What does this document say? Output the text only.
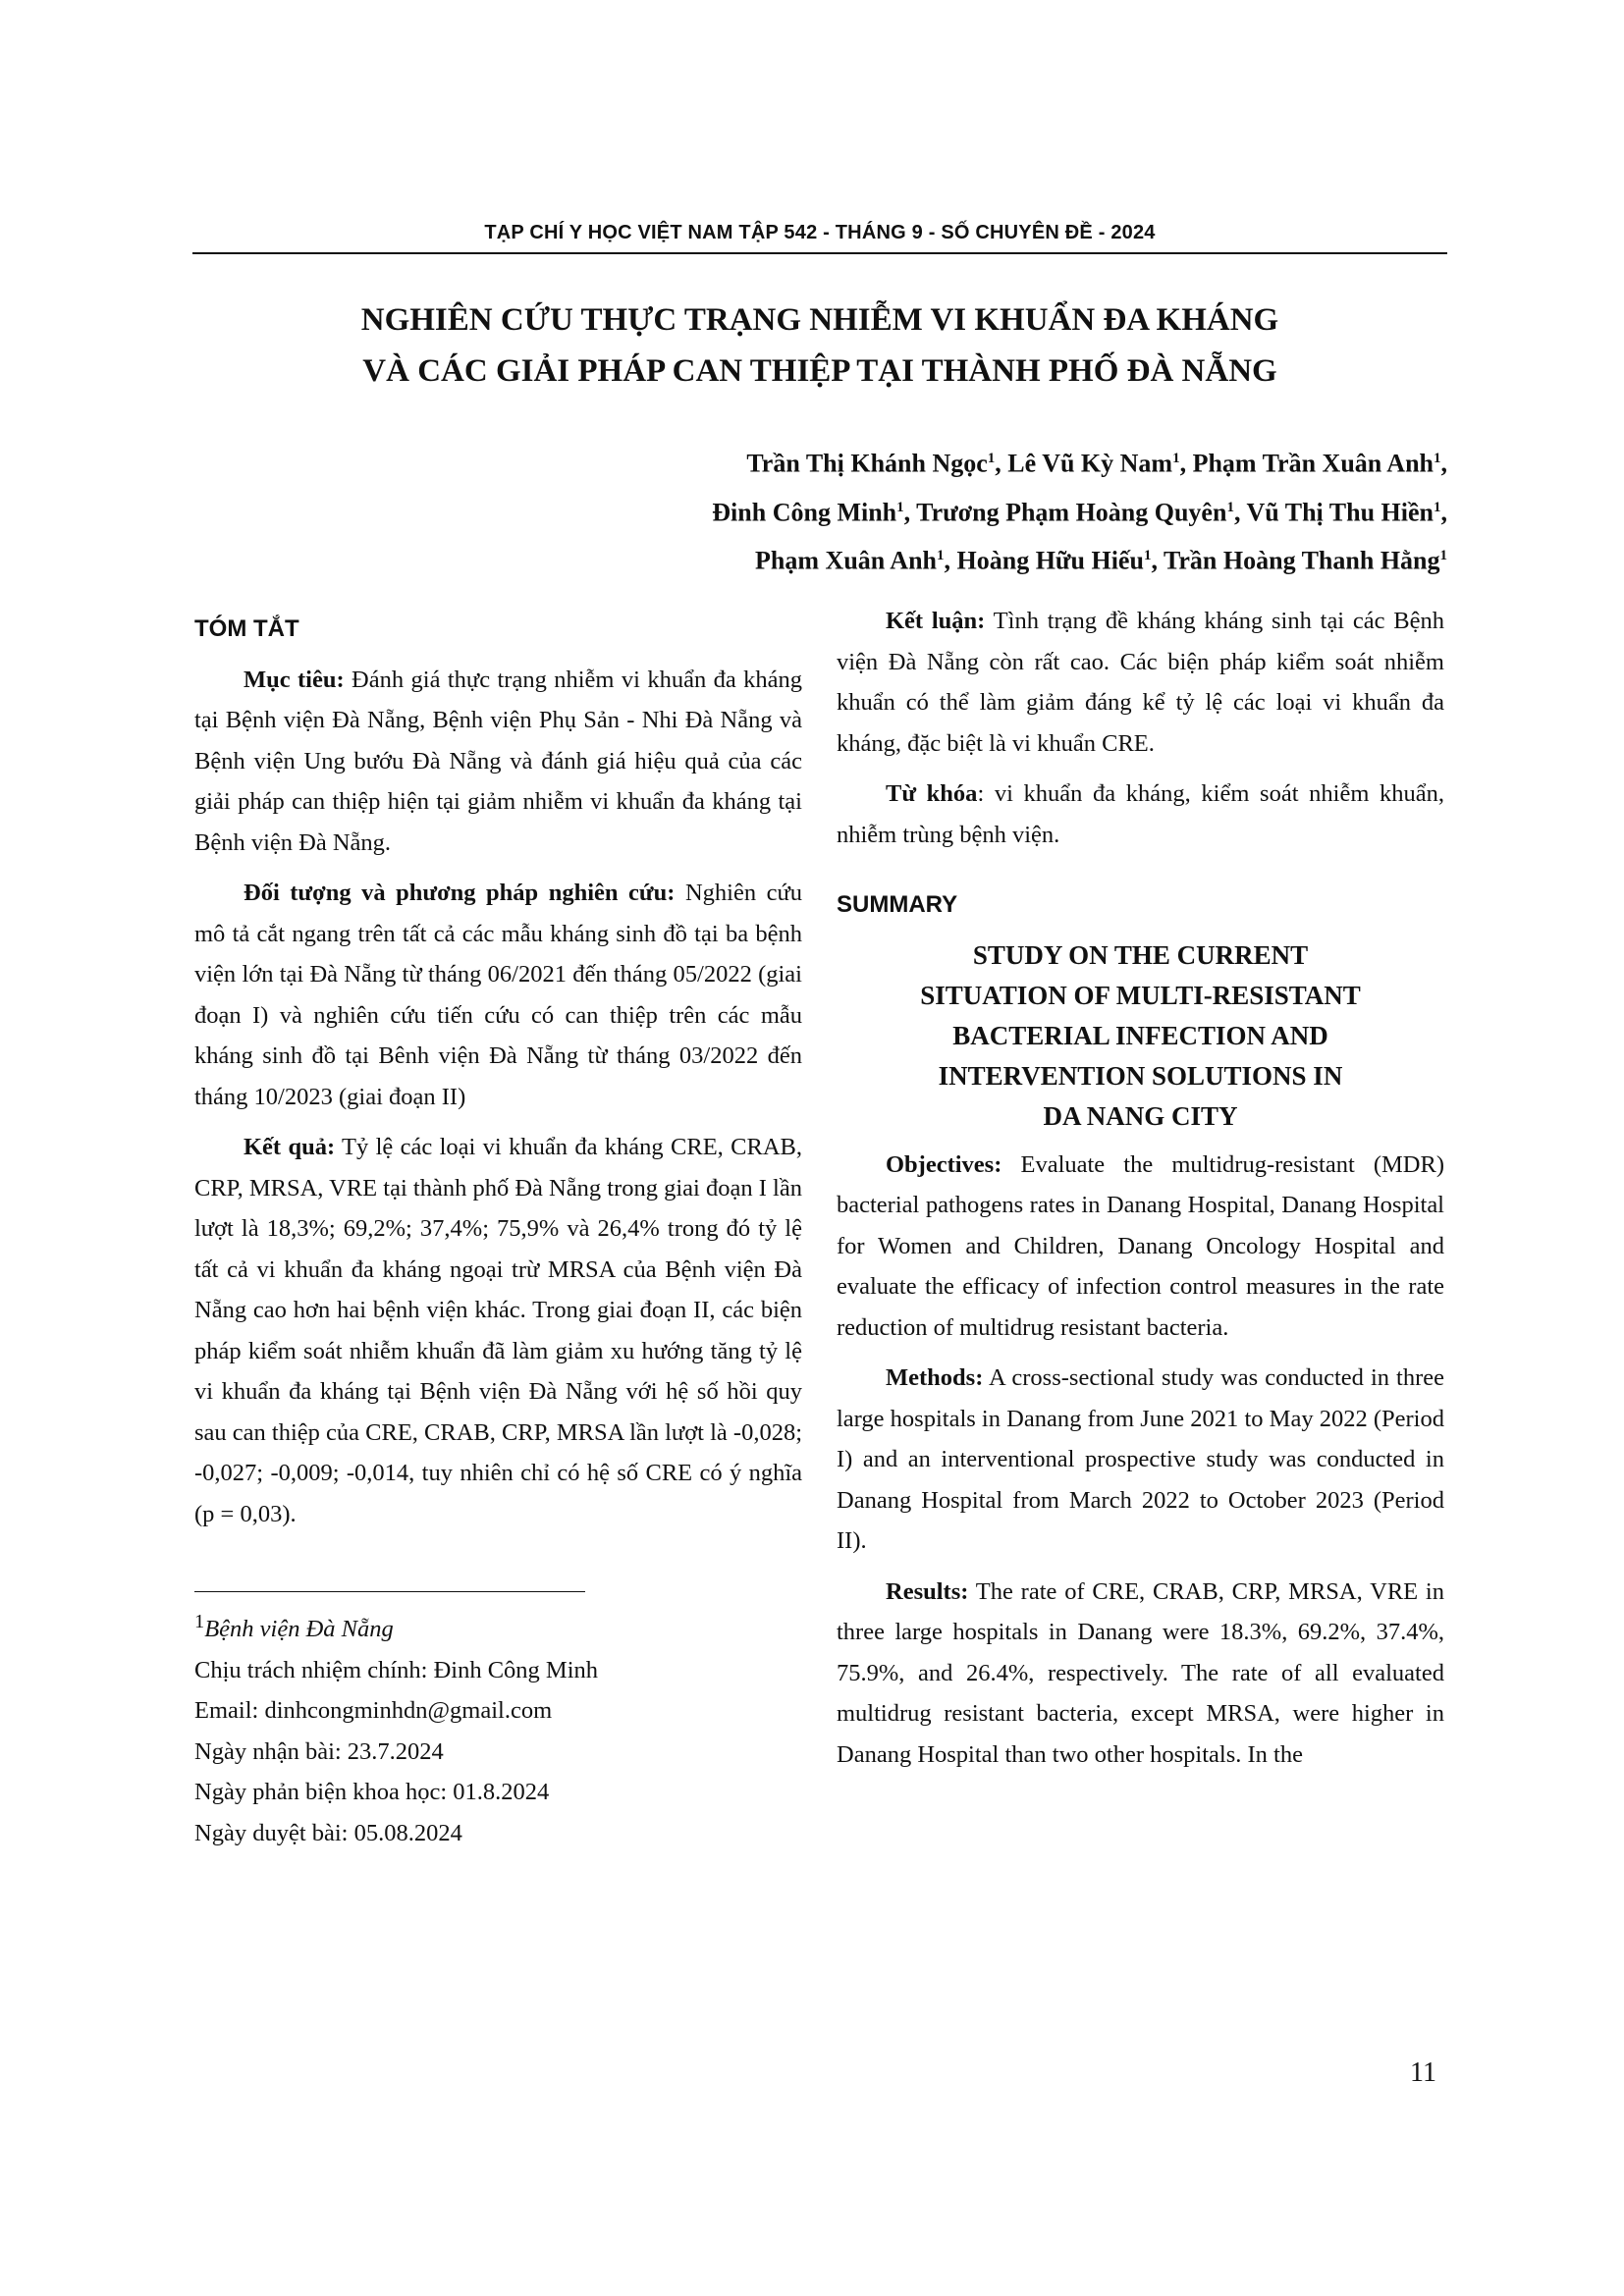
TẠP CHÍ Y HỌC VIỆT NAM TẬP 542 - THÁNG 9 - SỐ CHUYÊN ĐỀ - 2024
NGHIÊN CỨU THỰC TRẠNG NHIỄM VI KHUẨN ĐA KHÁNG
VÀ CÁC GIẢI PHÁP CAN THIỆP TẠI THÀNH PHỐ ĐÀ NẴNG
Trần Thị Khánh Ngọc$^1$, Lê Vũ Kỳ Nam$^1$, Phạm Trần Xuân Anh$^1$,
Đinh Công Minh$^1$, Trương Phạm Hoàng Quyên$^1$, Vũ Thị Thu Hiền$^1$,
Phạm Xuân Anh$^1$, Hoàng Hữu Hiếu$^1$, Trần Hoàng Thanh Hằng$^1$
TÓM TẮT

Mục tiêu: Đánh giá thực trạng nhiễm vi khuẩn đa kháng tại Bệnh viện Đà Nẵng, Bệnh viện Phụ Sản - Nhi Đà Nẵng và Bệnh viện Ung bướu Đà Nẵng và đánh giá hiệu quả của các giải pháp can thiệp hiện tại giảm nhiễm vi khuẩn đa kháng tại Bệnh viện Đà Nẵng.

Đối tượng và phương pháp nghiên cứu: Nghiên cứu mô tả cắt ngang trên tất cả các mẫu kháng sinh đồ tại ba bệnh viện lớn tại Đà Nẵng từ tháng 06/2021 đến tháng 05/2022 (giai đoạn I) và nghiên cứu tiến cứu có can thiệp trên các mẫu kháng sinh đồ tại Bênh viện Đà Nẵng từ tháng 03/2022 đến tháng 10/2023 (giai đoạn II)

Kết quả: Tỷ lệ các loại vi khuẩn đa kháng CRE, CRAB, CRP, MRSA, VRE tại thành phố Đà Nẵng trong giai đoạn I lần lượt là 18,3%; 69,2%; 37,4%; 75,9% và 26,4% trong đó tỷ lệ tất cả vi khuẩn đa kháng ngoại trừ MRSA của Bệnh viện Đà Nẵng cao hơn hai bệnh viện khác. Trong giai đoạn II, các biện pháp kiểm soát nhiễm khuẩn đã làm giảm xu hướng tăng tỷ lệ vi khuẩn đa kháng tại Bệnh viện Đà Nẵng với hệ số hồi quy sau can thiệp của CRE, CRAB, CRP, MRSA lần lượt là -0,028; -0,027; -0,009; -0,014, tuy nhiên chỉ có hệ số CRE có ý nghĩa (p = 0,03).

$^1$Bệnh viện Đà Nẵng

Chịu trách nhiệm chính: Đinh Công Minh

Email: dinhcongminhdn@gmail.com

Ngày nhận bài: 23.7.2024

Ngày phản biện khoa học: 01.8.2024

Ngày duyệt bài: 05.08.2024

Kết luận: Tình trạng đề kháng kháng sinh tại các Bệnh viện Đà Nẵng còn rất cao. Các biện pháp kiểm soát nhiễm khuẩn có thể làm giảm đáng kể tỷ lệ các loại vi khuẩn đa kháng, đặc biệt là vi khuẩn CRE.

Từ khóa: vi khuẩn đa kháng, kiểm soát nhiễm khuẩn, nhiễm trùng bệnh viện.

SUMMARY
STUDY ON THE CURRENT
SITUATION OF MULTI-RESISTANT
BACTERIAL INFECTION AND
INTERVENTION SOLUTIONS IN
DA NANG CITY

Objectives: Evaluate the multidrug-resistant (MDR) bacterial pathogens rates in Danang Hospital, Danang Hospital for Women and Children, Danang Oncology Hospital and evaluate the efficacy of infection control measures in the rate reduction of multidrug resistant bacteria.

Methods: A cross-sectional study was conducted in three large hospitals in Danang from June 2021 to May 2022 (Period I) and an interventional prospective study was conducted in Danang Hospital from March 2022 to October 2023 (Period II).

Results: The rate of CRE, CRAB, CRP, MRSA, VRE in three large hospitals in Danang were 18.3%, 69.2%, 37.4%, 75.9%, and 26.4%, respectively. The rate of all evaluated multidrug resistant bacteria, except MRSA, were higher in Danang Hospital than two other hospitals. In the

11
